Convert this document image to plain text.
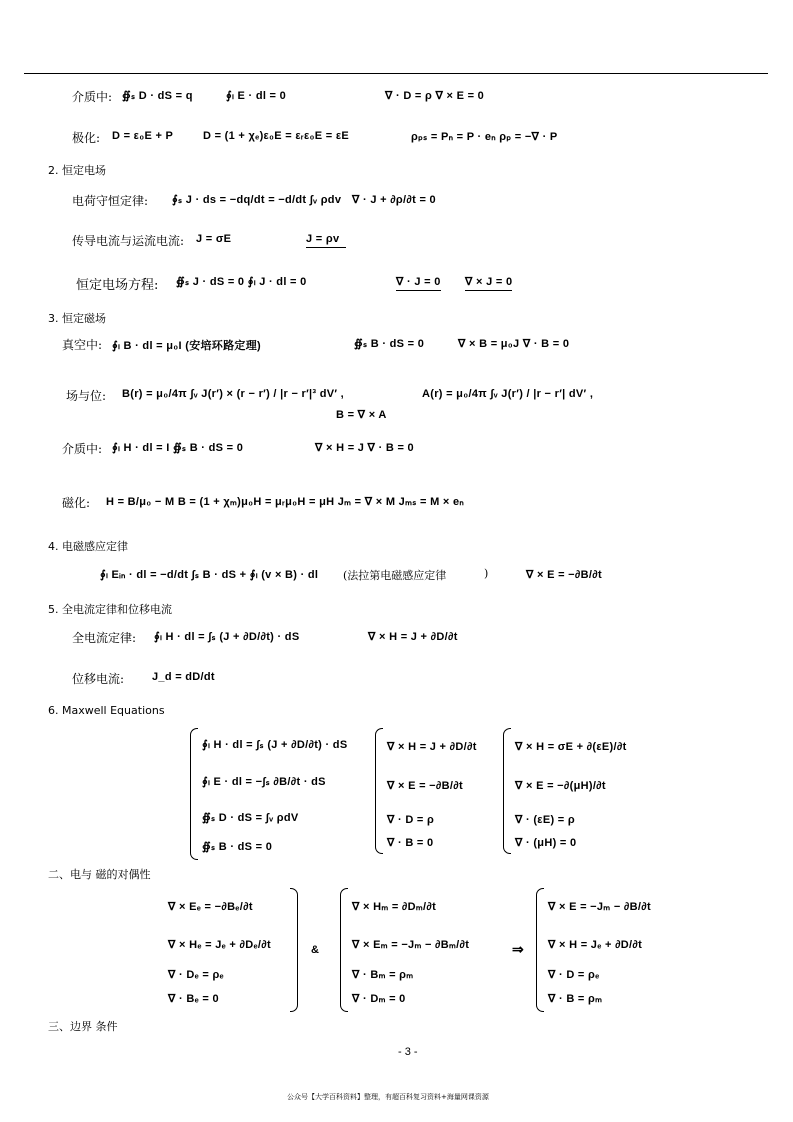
介质中: ∯ₛ D · dS = q	∮ₗ E · dl = 0	∇ · D = ρ ∇ × E = 0
极化: D = ε₀E + P	D = (1 + χₑ)ε₀E = εᵣε₀E = εE	ρₚₛ = Pₙ = P · eₙ ρₚ = −∇ · P
2. 恒定电场
电荷守恒定律: ∮ₛ J · ds = −dq/dt = −d/dt ∫ᵥ ρdv ∇ · J + ∂ρ/∂t = 0
传导电流与运流电流: J = σE	J = ρv
恒定电场方程: ∯ₛ J · dS = 0 ∮ₗ J · dl = 0	∇ · J = 0 ∇ × J = 0
3. 恒定磁场
真空中: ∮ₗ B · dl = μ₀I (安培环路定理)	∯ₛ B · dS = 0	∇ × B = μ₀J ∇ · B = 0
场与位: B(r) = μ₀/4π ∫ᵥ J(r′) × (r − r′) / |r − r′|³ dV′ ,	A(r) = μ₀/4π ∫ᵥ J(r′) / |r − r′| dV′ ,
B = ∇ × A
介质中: ∮ₗ H · dl = I ∯ₛ B · dS = 0	∇ × H = J ∇ · B = 0
磁化: H = B/μ₀ − M B = (1 + χₘ)μ₀H = μᵣμ₀H = μH Jₘ = ∇ × M Jₘₛ = M × eₙ
4. 电磁感应定律
∮ₗ Eᵢₙ · dl = −d/dt ∫ₛ B · dS + ∮ₗ (v × B) · dl (法拉第电磁感应定律	)	∇ × E = −∂B/∂t
5. 全电流定律和位移电流
全电流定律: ∮ₗ H · dl = ∫ₛ (J + ∂D/∂t) · dS	∇ × H = J + ∂D/∂t
位移电流:	J_d = dD/dt
6. Maxwell Equations
∮ₗ H · dl = ∫ₛ (J + ∂D/∂t) · dS
∮ₗ E · dl = −∫ₛ ∂B/∂t · dS
∯ₛ D · dS = ∫ᵥ ρdV
∯ₛ B · dS = 0
∇ × H = J + ∂D/∂t
∇ × E = −∂B/∂t
∇ · D = ρ
∇ · B = 0
∇ × H = σE + ∂(εE)/∂t
∇ × E = −∂(μH)/∂t
∇ · (εE) = ρ
∇ · (μH) = 0
二、电与 磁的对偶性
∇ × Eₑ = −∂Bₑ/∂t
∇ × Hₑ = Jₑ + ∂Dₑ/∂t
∇ · Dₑ = ρₑ
∇ · Bₑ = 0
&
∇ × Hₘ = ∂Dₘ/∂t
∇ × Eₘ = −Jₘ − ∂Bₘ/∂t
∇ · Bₘ = ρₘ
∇ · Dₘ = 0
⇒
∇ × E = −Jₘ − ∂B/∂t
∇ × H = Jₑ + ∂D/∂t
∇ · D = ρₑ
∇ · B = ρₘ
三、边界 条件
- 3 -
公众号【大学百科资料】整理，有超百科复习资料+海量网课资源
